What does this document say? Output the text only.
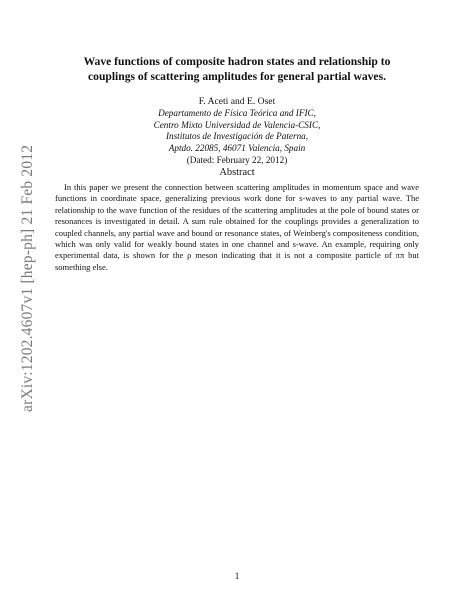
arXiv:1202.4607v1 [hep-ph] 21 Feb 2012
Wave functions of composite hadron states and relationship to
couplings of scattering amplitudes for general partial waves.
F. Aceti and E. Oset
Departamento de Física Teórica and IFIC,
Centro Mixto Universidad de Valencia-CSIC,
Institutos de Investigación de Paterna,
Aptdo. 22085, 46071 Valencia, Spain
(Dated: February 22, 2012)
Abstract
In this paper we present the connection between scattering amplitudes in momentum space and wave functions in coordinate space, generalizing previous work done for s-waves to any partial wave. The relationship to the wave function of the residues of the scattering amplitudes at the pole of bound states or resonances is investigated in detail. A sum rule obtained for the couplings provides a generalization to coupled channels, any partial wave and bound or resonance states, of Weinberg's compositeness condition, which was only valid for weakly bound states in one channel and s-wave. An example, requiring only experimental data, is shown for the ρ meson indicating that it is not a composite particle of ππ but something else.
1
